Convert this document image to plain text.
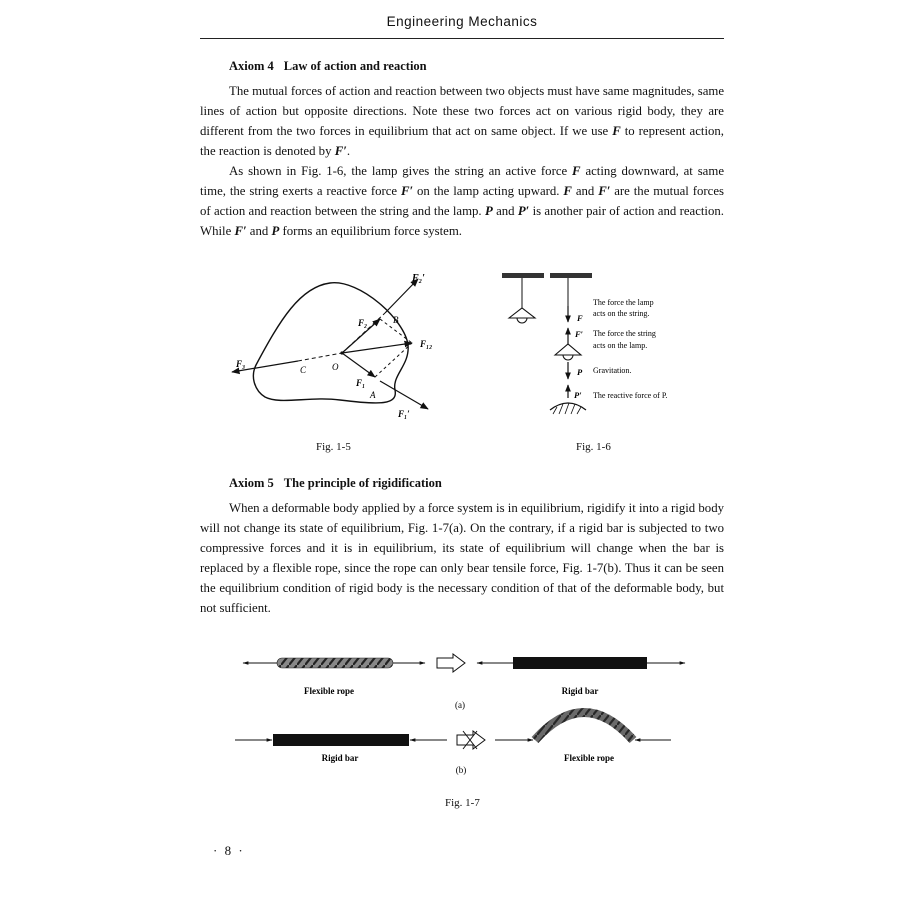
Engineering Mechanics
Axiom 4 Law of action and reaction

The mutual forces of action and reaction between two objects must have same magnitudes, same lines of action but opposite directions. Note these two forces act on various rigid body, they are different from the two forces in equilibrium that act on same object. If we use F to represent action, the reaction is denoted by F′.

As shown in Fig. 1-6, the lamp gives the string an active force F acting downward, at same time, the string exerts a reactive force F′ on the lamp acting upward. F and F′ are the mutual forces of action and reaction between the string and the lamp. P and P′ is another pair of action and reaction. While F′ and P forms an equilibrium force system.

F₂′
F₂	B
F₁₂
F₃
C	O
F₁
A
F₁′
Fig. 1-5
F
The force the lamp
acts on the string.
F′ The force the string
acts on the lamp.
P Gravitation.
P′ The reactive force of P.
Fig. 1-6
Axiom 5 The principle of rigidification

When a deformable body applied by a force system is in equilibrium, rigidify it into a rigid body will not change its state of equilibrium, Fig. 1-7(a). On the contrary, if a rigid bar is subjected to two compressive forces and it is in equilibrium, its state of equilibrium will change when the bar is replaced by a flexible rope, since the rope can only bear tensile force, Fig. 1-7(b). Thus it can be seen the equilibrium condition of rigid body is the necessary condition of that of the deformable body, but not sufficient.

Flexible rope	Rigid bar
(a)
Rigid bar	Flexible rope
(b)
Fig. 1-7
· 8 ·
